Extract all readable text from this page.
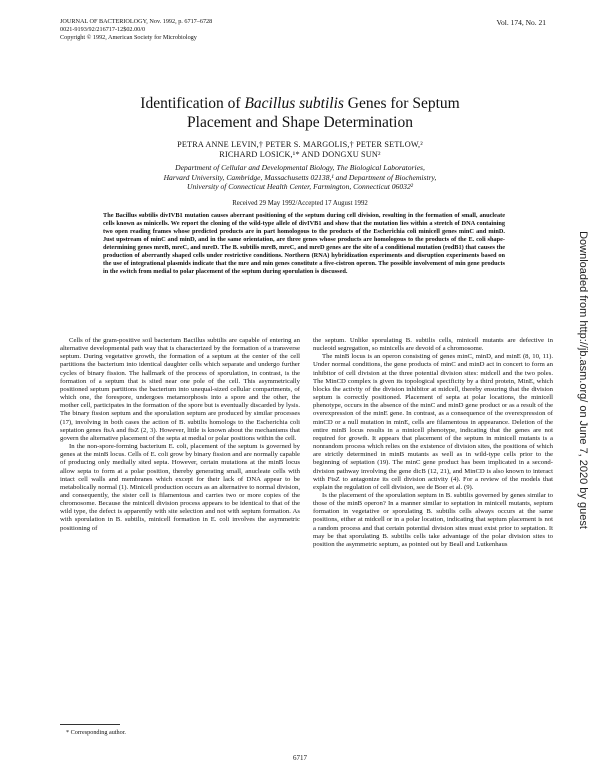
JOURNAL OF BACTERIOLOGY, Nov. 1992, p. 6717–6728
0021-9193/92/216717-12$02.00/0
Copyright © 1992, American Society for Microbiology
Vol. 174, No. 21
Identification of Bacillus subtilis Genes for Septum
Placement and Shape Determination
PETRA ANNE LEVIN,† PETER S. MARGOLIS,† PETER SETLOW,²
RICHARD LOSICK,¹* AND DONGXU SUN²
Department of Cellular and Developmental Biology, The Biological Laboratories,
Harvard University, Cambridge, Massachusetts 02138,¹ and Department of Biochemistry,
University of Connecticut Health Center, Farmington, Connecticut 06032²
Received 29 May 1992/Accepted 17 August 1992
The Bacillus subtilis divIVB1 mutation causes aberrant positioning of the septum during cell division, resulting in the formation of small, anucleate cells known as minicells. We report the cloning of the wild-type allele of divIVB1 and show that the mutation lies within a stretch of DNA containing two open reading frames whose predicted products are in part homologous to the products of the Escherichia coli minicell genes minC and minD. Just upstream of minC and minD, and in the same orientation, are three genes whose products are homologous to the products of the E. coli shape-determining genes mreB, mreC, and mreD. The B. subtilis mreB, mreC, and mreD genes are the site of a conditional mutation (rodB1) that causes the production of aberrantly shaped cells under restrictive conditions. Northern (RNA) hybridization experiments and disruption experiments based on the use of integrational plasmids indicate that the mre and min genes constitute a five-cistron operon. The possible involvement of min gene products in the switch from medial to polar placement of the septum during sporulation is discussed.

Cells of the gram-positive soil bacterium Bacillus subtilis are capable of entering an alternative developmental path way that is characterized by the formation of a transverse septum. During vegetative growth, the formation of a septum at the center of the cell partitions the bacterium into identical daughter cells which separate and undergo further cycles of binary fission. The hallmark of the process of sporulation, in contrast, is the formation of a septum that is sited near one pole of the cell. This asymmetrically positioned septum partitions the bacterium into unequal-sized cellular compartments, of which one, the forespore, undergoes metamorphosis into a spore and the other, the mother cell, participates in the formation of the spore but is eventually discarded by lysis. The binary fission septum and the sporulation septum are produced by similar processes (17), involving in both cases the action of B. subtilis homologs to the Escherichia coli septation genes ftsA and ftsZ (2, 3). However, little is known about the mechanisms that govern the alternative placement of the septa at medial or polar positions within the cell.

In the non-spore-forming bacterium E. coli, placement of the septum is governed by genes at the minB locus. Cells of E. coli grow by binary fission and are normally capable of producing only medially sited septa. However, certain mutations at the minB locus allow septa to form at a polar position, thereby generating small, anucleate cells with intact cell walls and membranes which except for their lack of DNA appear to be metabolically normal (1). Minicell production occurs as an alternative to normal division, and consequently, the sister cell is filamentous and carries two or more copies of the chromosome. Because the minicell division process appears to be identical to that of the wild type, the defect is apparently with site selection and not with septum formation. As with sporulation in B. subtilis, minicell formation in E. coli involves the asymmetric positioning of

the septum. Unlike sporulating B. subtilis cells, minicell mutants are defective in nucleoid segregation, so minicells are devoid of a chromosome.

The minB locus is an operon consisting of genes minC, minD, and minE (8, 10, 11). Under normal conditions, the gene products of minC and minD act in concert to form an inhibitor of cell division at the three potential division sites: midcell and the two poles. The MinCD complex is given its topological specificity by a third protein, MinE, which blocks the activity of the division inhibitor at midcell, thereby ensuring that the division septum is correctly positioned. Placement of septa at polar locations, the minicell phenotype, occurs in the absence of the minC and minD gene product or as a result of the overexpression of the minE gene. In contrast, as a consequence of the overexpression of minCD or a null mutation in minE, cells are filamentous in appearance. Deletion of the entire minB locus results in a minicell phenotype, indicating that the genes are not required for growth. It appears that placement of the septum in minicell mutants is a nonrandom process which relies on the existence of division sites, the positions of which are strictly determined in minB mutants as well as in wild-type cells prior to the beginning of septation (19). The minC gene product has been implicated in a second-division pathway involving the gene dicB (12, 21), and MinCD is also known to interact with FtsZ to antagonize its cell division activity (4). For a review of the models that explain the regulation of cell division, see de Boer et al. (9).

Is the placement of the sporulation septum in B. subtilis governed by genes similar to those of the minB operon? In a manner similar to septation in minicell mutants, septum formation in vegetative or sporulating B. subtilis cells always occurs at the same positions, either at midcell or in a polar location, indicating that septum placement is not a random process and that certain potential division sites must exist prior to septation. It may be that sporulating B. subtilis cells take advantage of the polar division sites to position the asymmetric septum, as pointed out by Beall and Lutkenhaus

* Corresponding author.
6717
Downloaded from http://jb.asm.org/ on June 7, 2020 by guest
